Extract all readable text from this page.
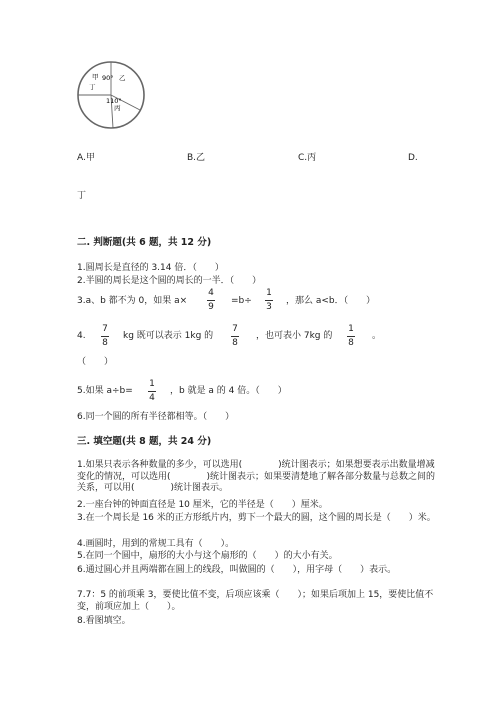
甲 90° 乙
丁
110°
丙
A.甲	B.乙	C.丙	D.
丁
二. 判断题(共 6 题，共 12 分)
1.圆周长是直径的 3.14 倍．（　　）
2.半圆的周长是这个圆的周长的一半．（　　）
3.a、b 都不为 0，如果 a×
4
9
=b÷
1
3
，那么 a<b．（　　）
4.
7
8
kg 既可以表示 1kg 的
7
8
，也可表小 7kg 的
1
8
。
（　　）
5.如果 a÷b=
1
4
，b 就是 a 的 4 倍。（　　）
6.同一个圆的所有半径都相等。（　　）
三. 填空题(共 8 题，共 24 分)
1.如果只表示各种数量的多少，可以选用(　　　　)统计图表示；如果想要表示出数量增减变化的情况，可以选用(　　　　)统计图表示；如果要清楚地了解各部分数量与总数之间的关系，可以用(　　　　)统计图表示。
2.一座台钟的钟面直径是 10 厘米，它的半径是（　　）厘米。
3.在一个周长是 16 米的正方形纸片内，剪下一个最大的圆，这个圆的周长是（　　）米。
4.画圆时，用到的常规工具有（　　）。
5.在同一个圆中，扇形的大小与这个扇形的（　　）的大小有关。
6.通过圆心并且两端都在圆上的线段，叫做圆的（　　），用字母（　　）表示。
7.7：5 的前项乘 3，要使比值不变，后项应该乘（　　）；如果后项加上 15，要使比值不变，前项应加上（　　）。
8.看图填空。
